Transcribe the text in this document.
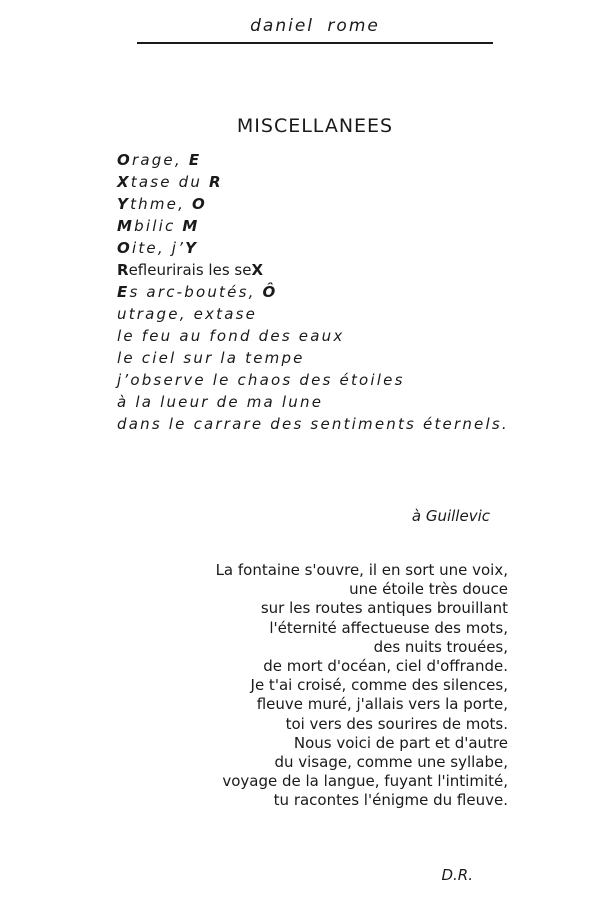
daniel rome
MISCELLANEES
Orage, E
Xtase du R
Ythme, O
Mbilic M
Oite, j’Y
Refleurirais les seX
Es arc-boutés, Ô
utrage, extase
le feu au fond des eaux
le ciel sur la tempe
j’observe le chaos des étoiles
à la lueur de ma lune
dans le carrare des sentiments éternels.
à Guillevic
La fontaine s'ouvre, il en sort une voix,
une étoile très douce
sur les routes antiques brouillant
l'éternité affectueuse des mots,
des nuits trouées,
de mort d'océan, ciel d'offrande.
Je t'ai croisé, comme des silences,
fleuve muré, j'allais vers la porte,
toi vers des sourires de mots.
Nous voici de part et d'autre
du visage, comme une syllabe,
voyage de la langue, fuyant l'intimité,
tu racontes l'énigme du fleuve.
D.R.
